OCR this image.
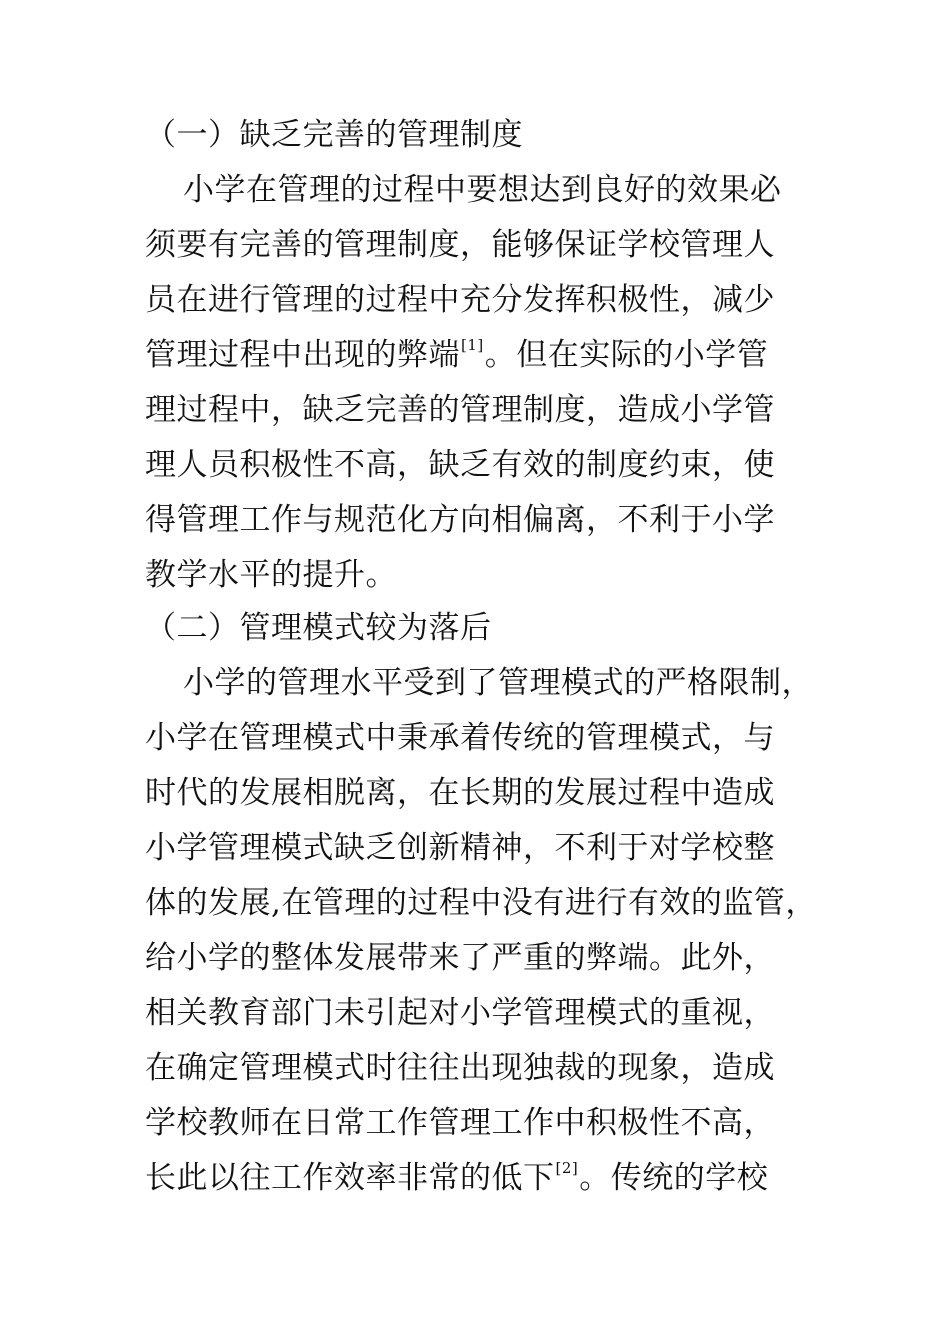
（一）缺乏完善的管理制度
小学在管理的过程中要想达到良好的效果必
须要有完善的管理制度，能够保证学校管理人
员在进行管理的过程中充分发挥积极性，减少
管理过程中出现的弊端[1]。但在实际的小学管
理过程中，缺乏完善的管理制度，造成小学管
理人员积极性不高，缺乏有效的制度约束，使
得管理工作与规范化方向相偏离，不利于小学
教学水平的提升。
（二）管理模式较为落后
小学的管理水平受到了管理模式的严格限制，
小学在管理模式中秉承着传统的管理模式，与
时代的发展相脱离，在长期的发展过程中造成
小学管理模式缺乏创新精神，不利于对学校整
体的发展,在管理的过程中没有进行有效的监管，
给小学的整体发展带来了严重的弊端。此外，
相关教育部门未引起对小学管理模式的重视，
在确定管理模式时往往出现独裁的现象，造成
学校教师在日常工作管理工作中积极性不高，
长此以往工作效率非常的低下[2]。传统的学校
